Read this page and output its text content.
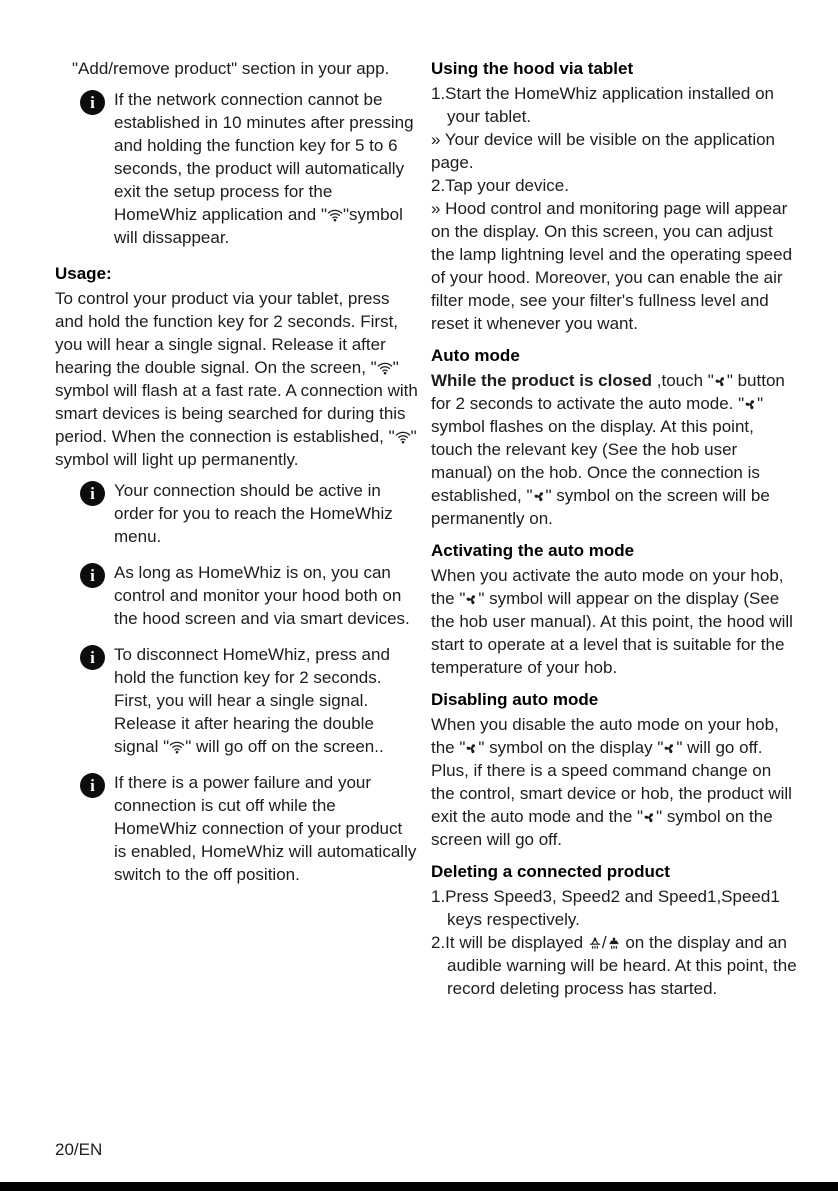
"Add/remove product" section in your app.

i	If the network connection cannot be established in 10 minutes after pressing and holding the function key for 5 to 6 seconds, the product will automatically exit the setup process for the HomeWhiz application and " "symbol will dissappear.

Usage:

To control your product via your tablet, press and hold the function key for 2 seconds. First, you will hear a single signal. Release it after hearing the double signal. On the screen, " " symbol will flash at a fast rate. A connection with smart devices is being searched for during this period. When the connection is established, " " symbol will light up permanently.

i	Your connection should be active in order for you to reach the HomeWhiz menu.

i	As long as HomeWhiz is on, you can control and monitor your hood both on the hood screen and via smart devices.

i	To disconnect HomeWhiz, press and hold the function key for 2 seconds. First, you will hear a single signal. Release it after hearing the double signal " " will go off on the screen..

i	If there is a power failure and your connection is cut off while the HomeWhiz connection of your product is enabled, HomeWhiz will automatically switch to the off position.

Using the hood via tablet

1.Start the HomeWhiz application installed on your tablet.

» Your device will be visible on the application page.

2.Tap your device.

» Hood control and monitoring page will appear on the display. On this screen, you can adjust the lamp lightning level and the operating speed of your hood. Moreover, you can enable the air filter mode, see your filter's fullness level and reset it whenever you want.

Auto mode

While the product is closed ,touch " " button for 2 seconds to activate the auto mode. " " symbol flashes on the display. At this point, touch the relevant key (See the hob user manual) on the hob. Once the connection is established, " " symbol on the screen will be permanently on.

Activating the auto mode

When you activate the auto mode on your hob, the " " symbol will appear on the display (See the hob user manual). At this point, the hood will start to operate at a level that is suitable for the temperature of your hob.

Disabling auto mode

When you disable the auto mode on your hob, the " " symbol on the display " " will go off. Plus, if there is a speed command change on the control, smart device or hob, the product will exit the auto mode and the " " symbol on the screen will go off.

Deleting a connected product

1.Press Speed3, Speed2 and Speed1,Speed1 keys respectively.

2.It will be displayed / on the display and an audible warning will be heard. At this point, the record deleting process has started.

20/EN
